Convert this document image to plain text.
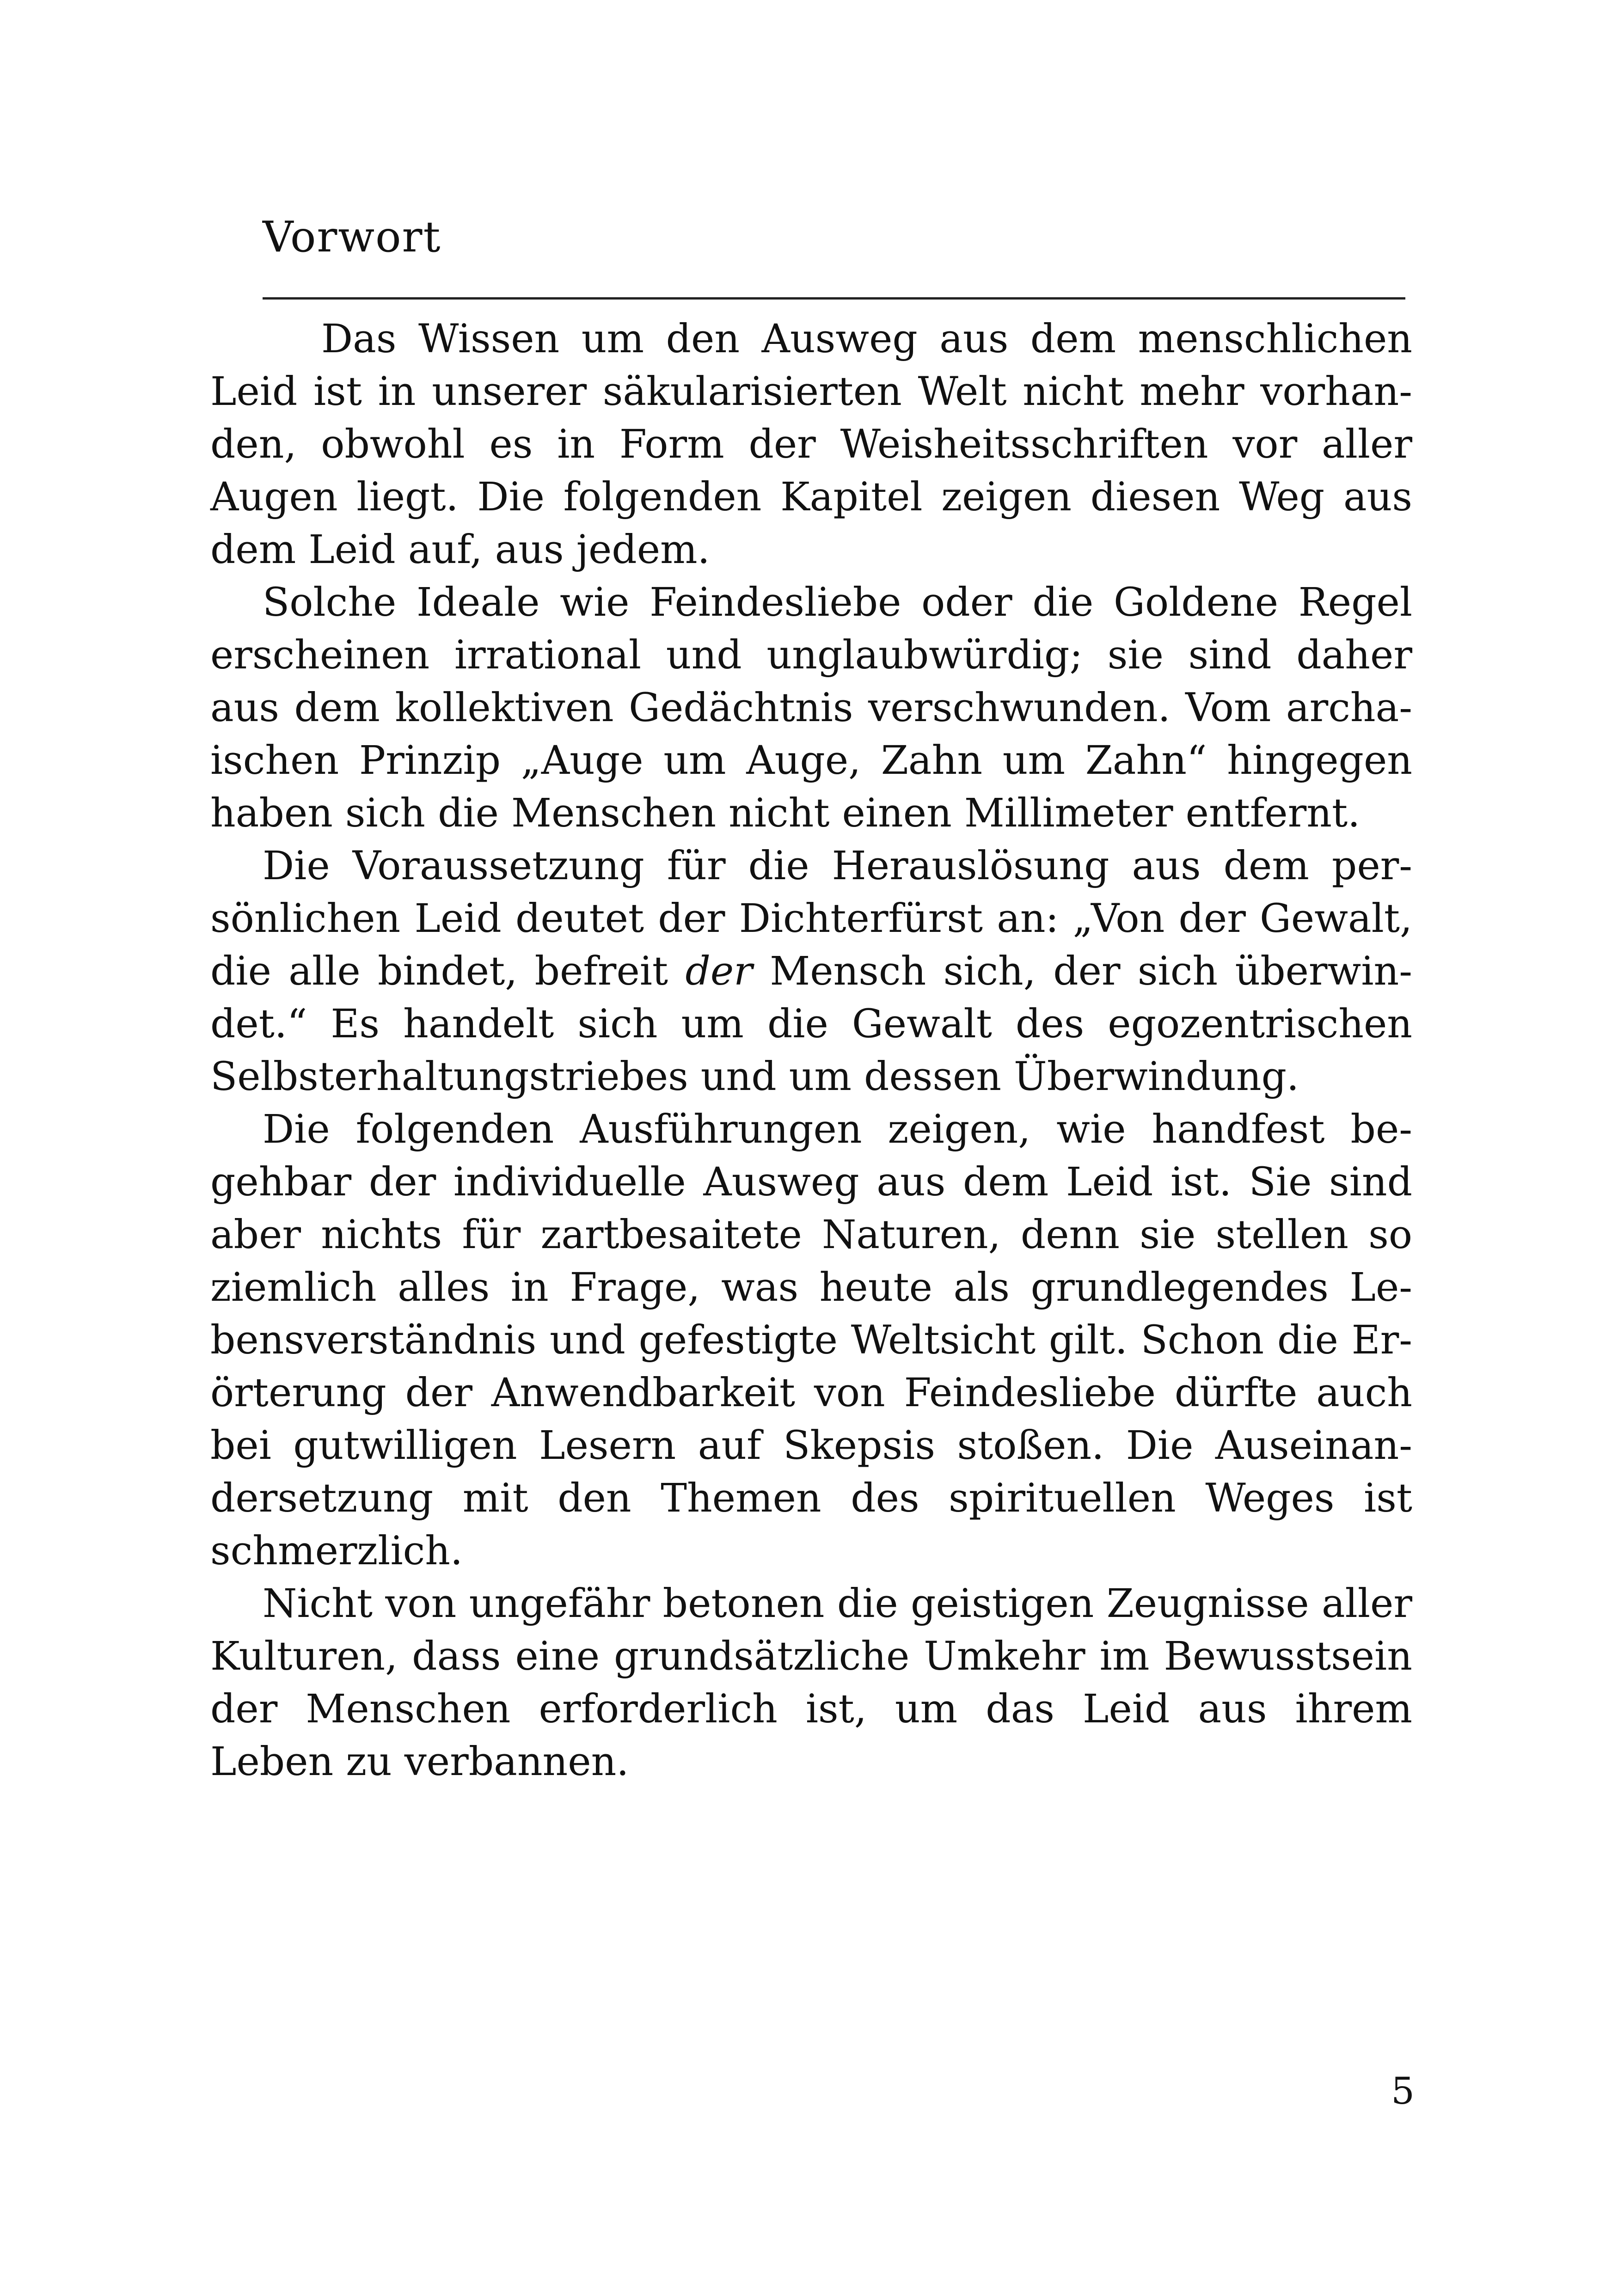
Vorwort

Das Wissen um den Ausweg aus dem menschlichen Leid ist in unserer säkularisierten Welt nicht mehr vorhanden, obwohl es in Form der Weisheitsschriften vor aller Augen liegt. Die folgenden Kapitel zeigen diesen Weg aus dem Leid auf, aus jedem.

Solche Ideale wie Feindesliebe oder die Goldene Regel erscheinen irrational und unglaubwürdig; sie sind daher aus dem kollektiven Gedächtnis verschwunden. Vom archaischen Prinzip „Auge um Auge, Zahn um Zahn“ hingegen haben sich die Menschen nicht einen Millimeter entfernt.

Die Voraussetzung für die Herauslösung aus dem persönlichen Leid deutet der Dichterfürst an: „Von der Gewalt, die alle bindet, befreit der Mensch sich, der sich überwindet.“ Es handelt sich um die Gewalt des egozentrischen Selbsterhaltungstriebes und um dessen Überwindung.

Die folgenden Ausführungen zeigen, wie handfest begehbar der individuelle Ausweg aus dem Leid ist. Sie sind aber nichts für zartbesaitete Naturen, denn sie stellen so ziemlich alles in Frage, was heute als grundlegendes Lebensverständnis und gefestigte Weltsicht gilt. Schon die Erörterung der Anwendbarkeit von Feindesliebe dürfte auch bei gutwilligen Lesern auf Skepsis stoßen. Die Auseinandersetzung mit den Themen des spirituellen Weges ist schmerzlich.

Nicht von ungefähr betonen die geistigen Zeugnisse aller Kulturen, dass eine grundsätzliche Umkehr im Bewusstsein der Menschen erforderlich ist, um das Leid aus ihrem Leben zu verbannen.

5
